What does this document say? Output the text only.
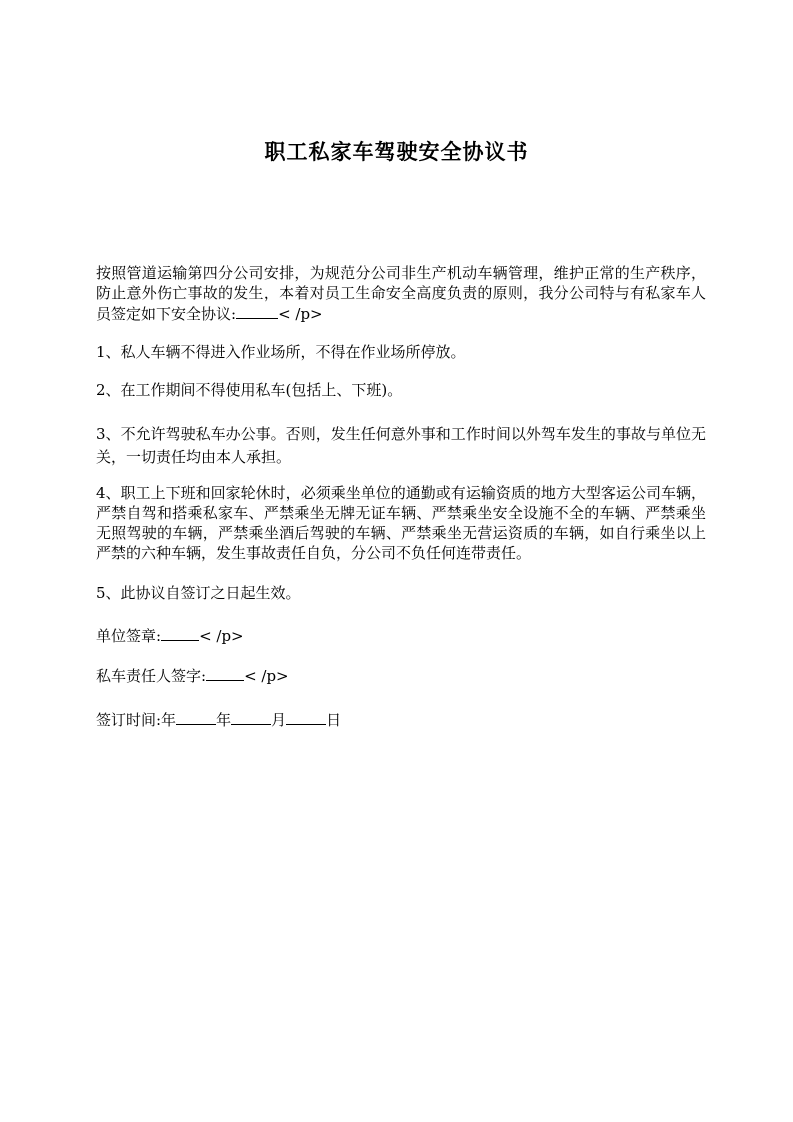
职工私家车驾驶安全协议书

按照管道运输第四分公司安排，为规范分公司非生产机动车辆管理，维护正常的生产秩序，防止意外伤亡事故的发生，本着对员工生命安全高度负责的原则，我分公司特与有私家车人员签定如下安全协议:	< /p>

1、私人车辆不得进入作业场所，不得在作业场所停放。

2、在工作期间不得使用私车(包括上、下班)。

3、不允许驾驶私车办公事。否则，发生任何意外事和工作时间以外驾车发生的事故与单位无关，一切责任均由本人承担。

4、职工上下班和回家轮休时，必须乘坐单位的通勤或有运输资质的地方大型客运公司车辆，严禁自驾和搭乘私家车、严禁乘坐无牌无证车辆、严禁乘坐安全设施不全的车辆、严禁乘坐无照驾驶的车辆，严禁乘坐酒后驾驶的车辆、严禁乘坐无营运资质的车辆，如自行乘坐以上严禁的六种车辆，发生事故责任自负，分公司不负任何连带责任。

5、此协议自签订之日起生效。

单位签章:	< /p>

私车责任人签字:	< /p>

签订时间:年	年	月	日
